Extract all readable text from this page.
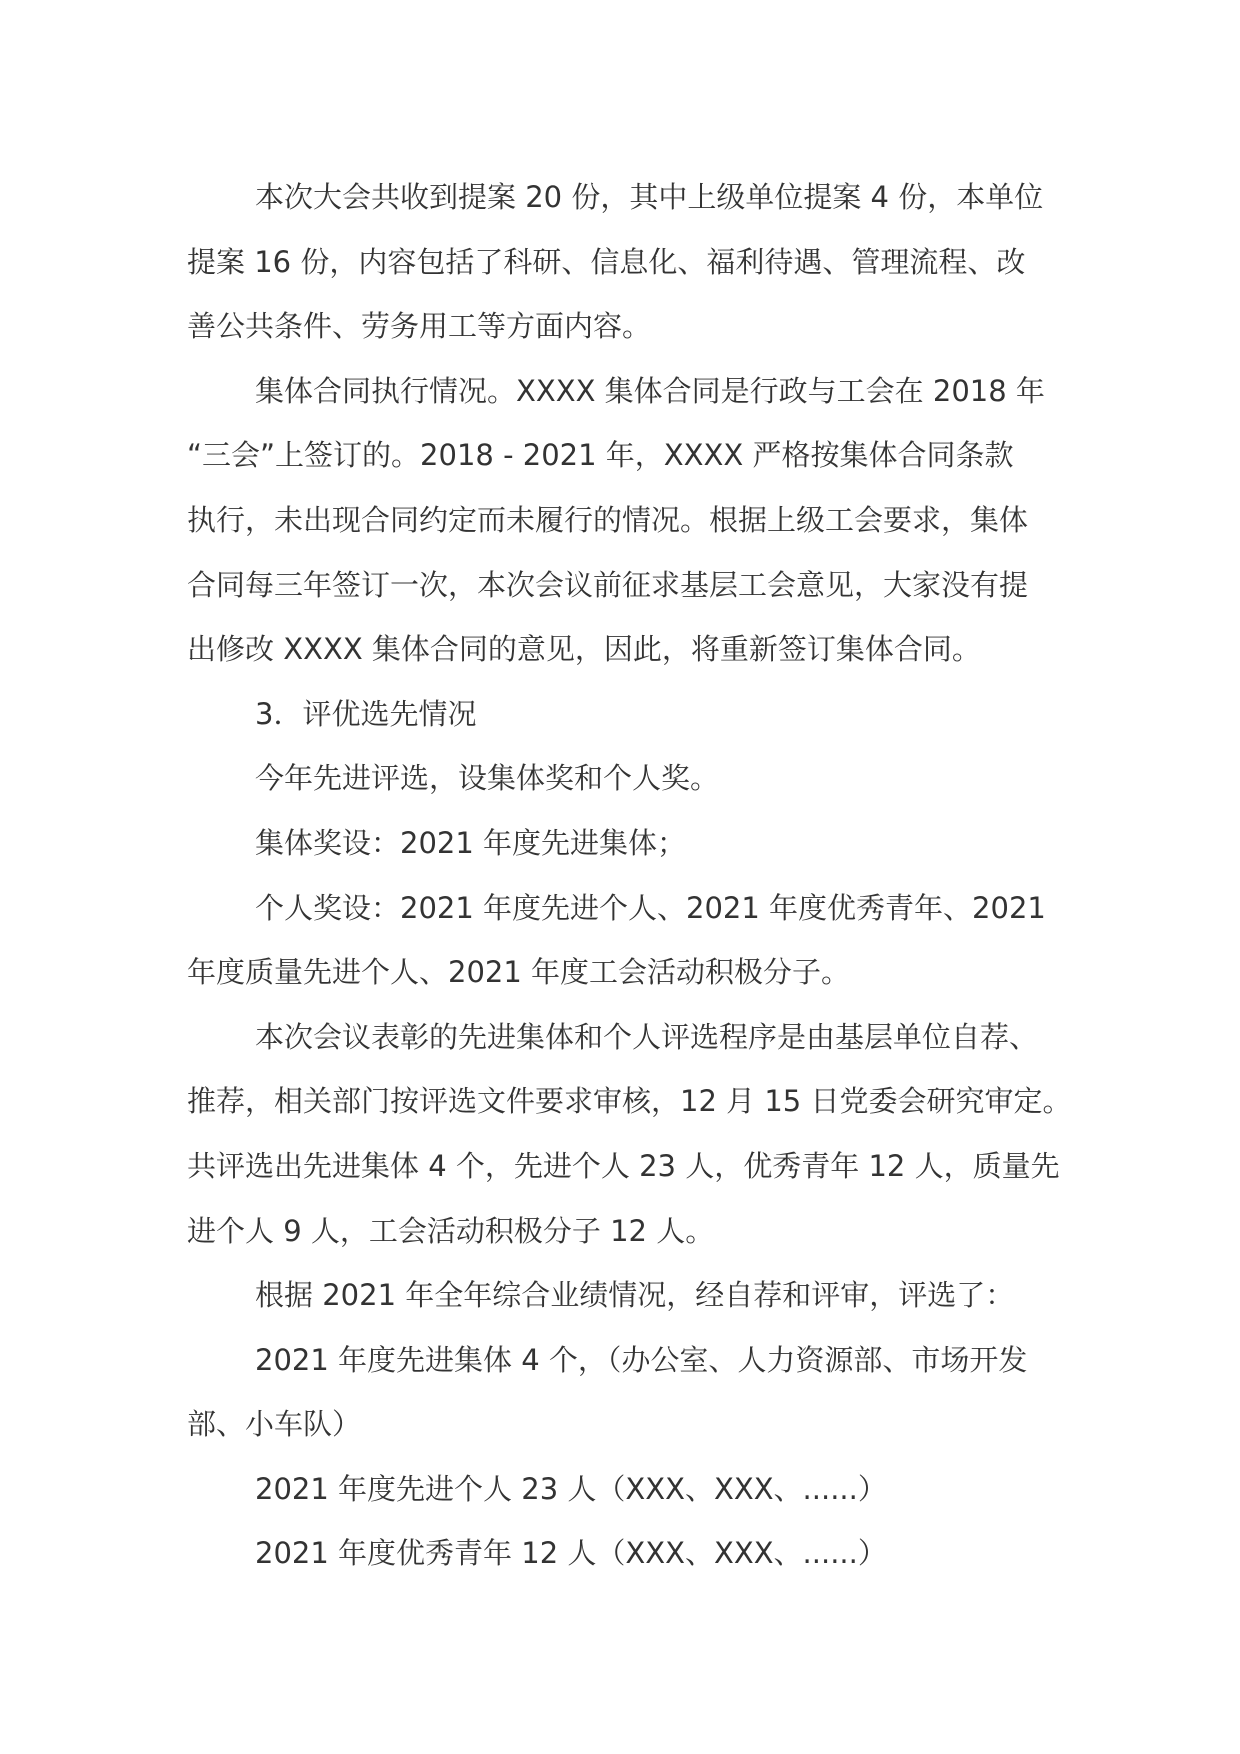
本次大会共收到提案 20 份，其中上级单位提案 4 份，本单位
提案 16 份，内容包括了科研、信息化、福利待遇、管理流程、改
善公共条件、劳务用工等方面内容。
集体合同执行情况。XXXX 集体合同是行政与工会在 2018 年
“三会”上签订的。2018 - 2021 年，XXXX 严格按集体合同条款
执行，未出现合同约定而未履行的情况。根据上级工会要求，集体
合同每三年签订一次，本次会议前征求基层工会意见，大家没有提
出修改 XXXX 集体合同的意见，因此，将重新签订集体合同。
3．评优选先情况
今年先进评选，设集体奖和个人奖。
集体奖设：2021 年度先进集体；
个人奖设：2021 年度先进个人、2021 年度优秀青年、2021
年度质量先进个人、2021 年度工会活动积极分子。
本次会议表彰的先进集体和个人评选程序是由基层单位自荐、
推荐，相关部门按评选文件要求审核，12 月 15 日党委会研究审定。
共评选出先进集体 4 个，先进个人 23 人，优秀青年 12 人，质量先
进个人 9 人，工会活动积极分子 12 人。
根据 2021 年全年综合业绩情况，经自荐和评审，评选了：
2021 年度先进集体 4 个，（办公室、人力资源部、市场开发
部、小车队）
2021 年度先进个人 23 人（XXX、XXX、......）
2021 年度优秀青年 12 人（XXX、XXX、......）
